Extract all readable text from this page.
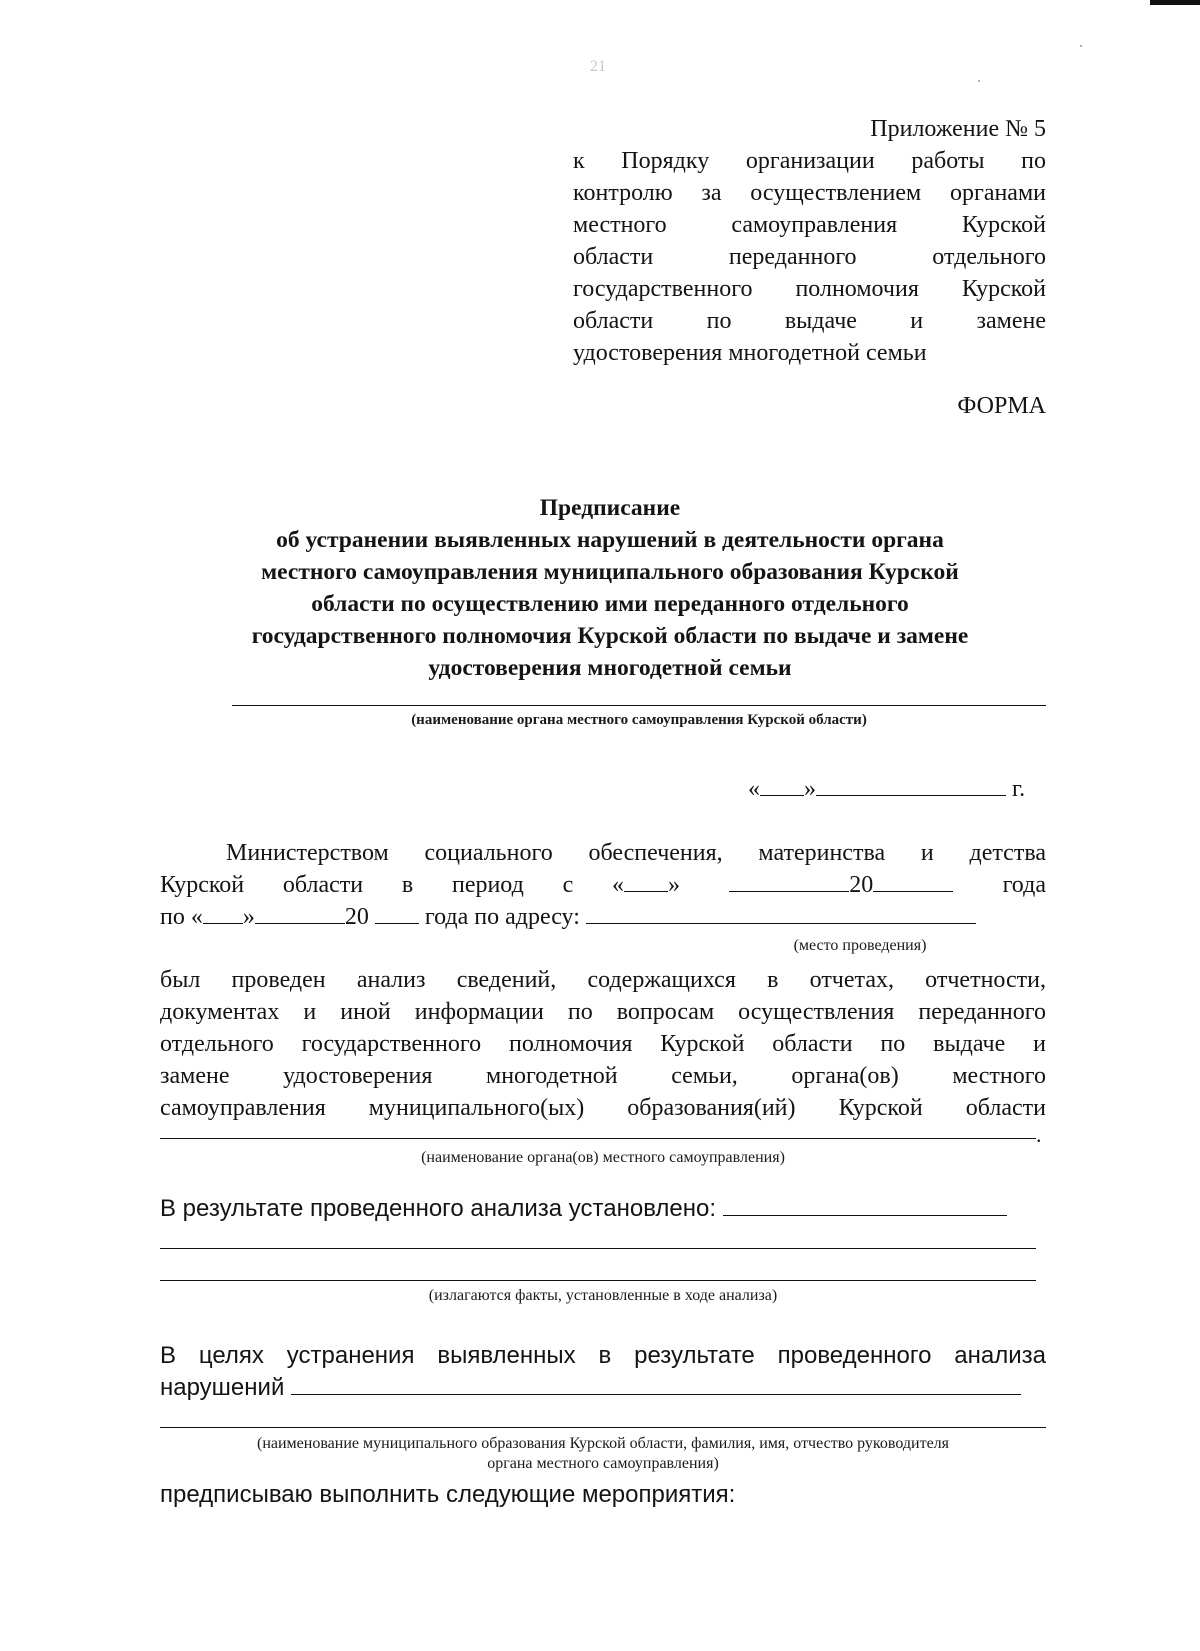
21
Приложение № 5
к Порядку организации работы по
контролю за осуществлением органами
местного самоуправления Курской
области переданного отдельного
государственного полномочия Курской
области по выдаче и замене
удостоверения многодетной семьи
ФОРМА
Предписание
об устранении выявленных нарушений в деятельности органа
местного самоуправления муниципального образования Курской
области по осуществлению ими переданного отдельного
государственного полномочия Курской области по выдаче и замене
удостоверения многодетной семьи
(наименование органа местного самоуправления Курской области)
« »	г.
Министерством социального обеспечения, материнства и детства
Курской области в период с « »	20	года
по « »	20 года по адресу:
(место проведения)
был проведен анализ сведений, содержащихся в отчетах, отчетности,
документах и иной информации по вопросам осуществления переданного
отдельного государственного полномочия Курской области по выдаче и
замене удостоверения многодетной семьи, органа(ов) местного
самоуправления муниципального(ых) образования(ий) Курской области
.
(наименование органа(ов) местного самоуправления)
В результате проведенного анализа установлено:
(излагаются факты, установленные в ходе анализа)
В целях устранения выявленных в результате проведенного анализа
нарушений
(наименование муниципального образования Курской области, фамилия, имя, отчество руководителя
органа местного самоуправления)
предписываю выполнить следующие мероприятия:
